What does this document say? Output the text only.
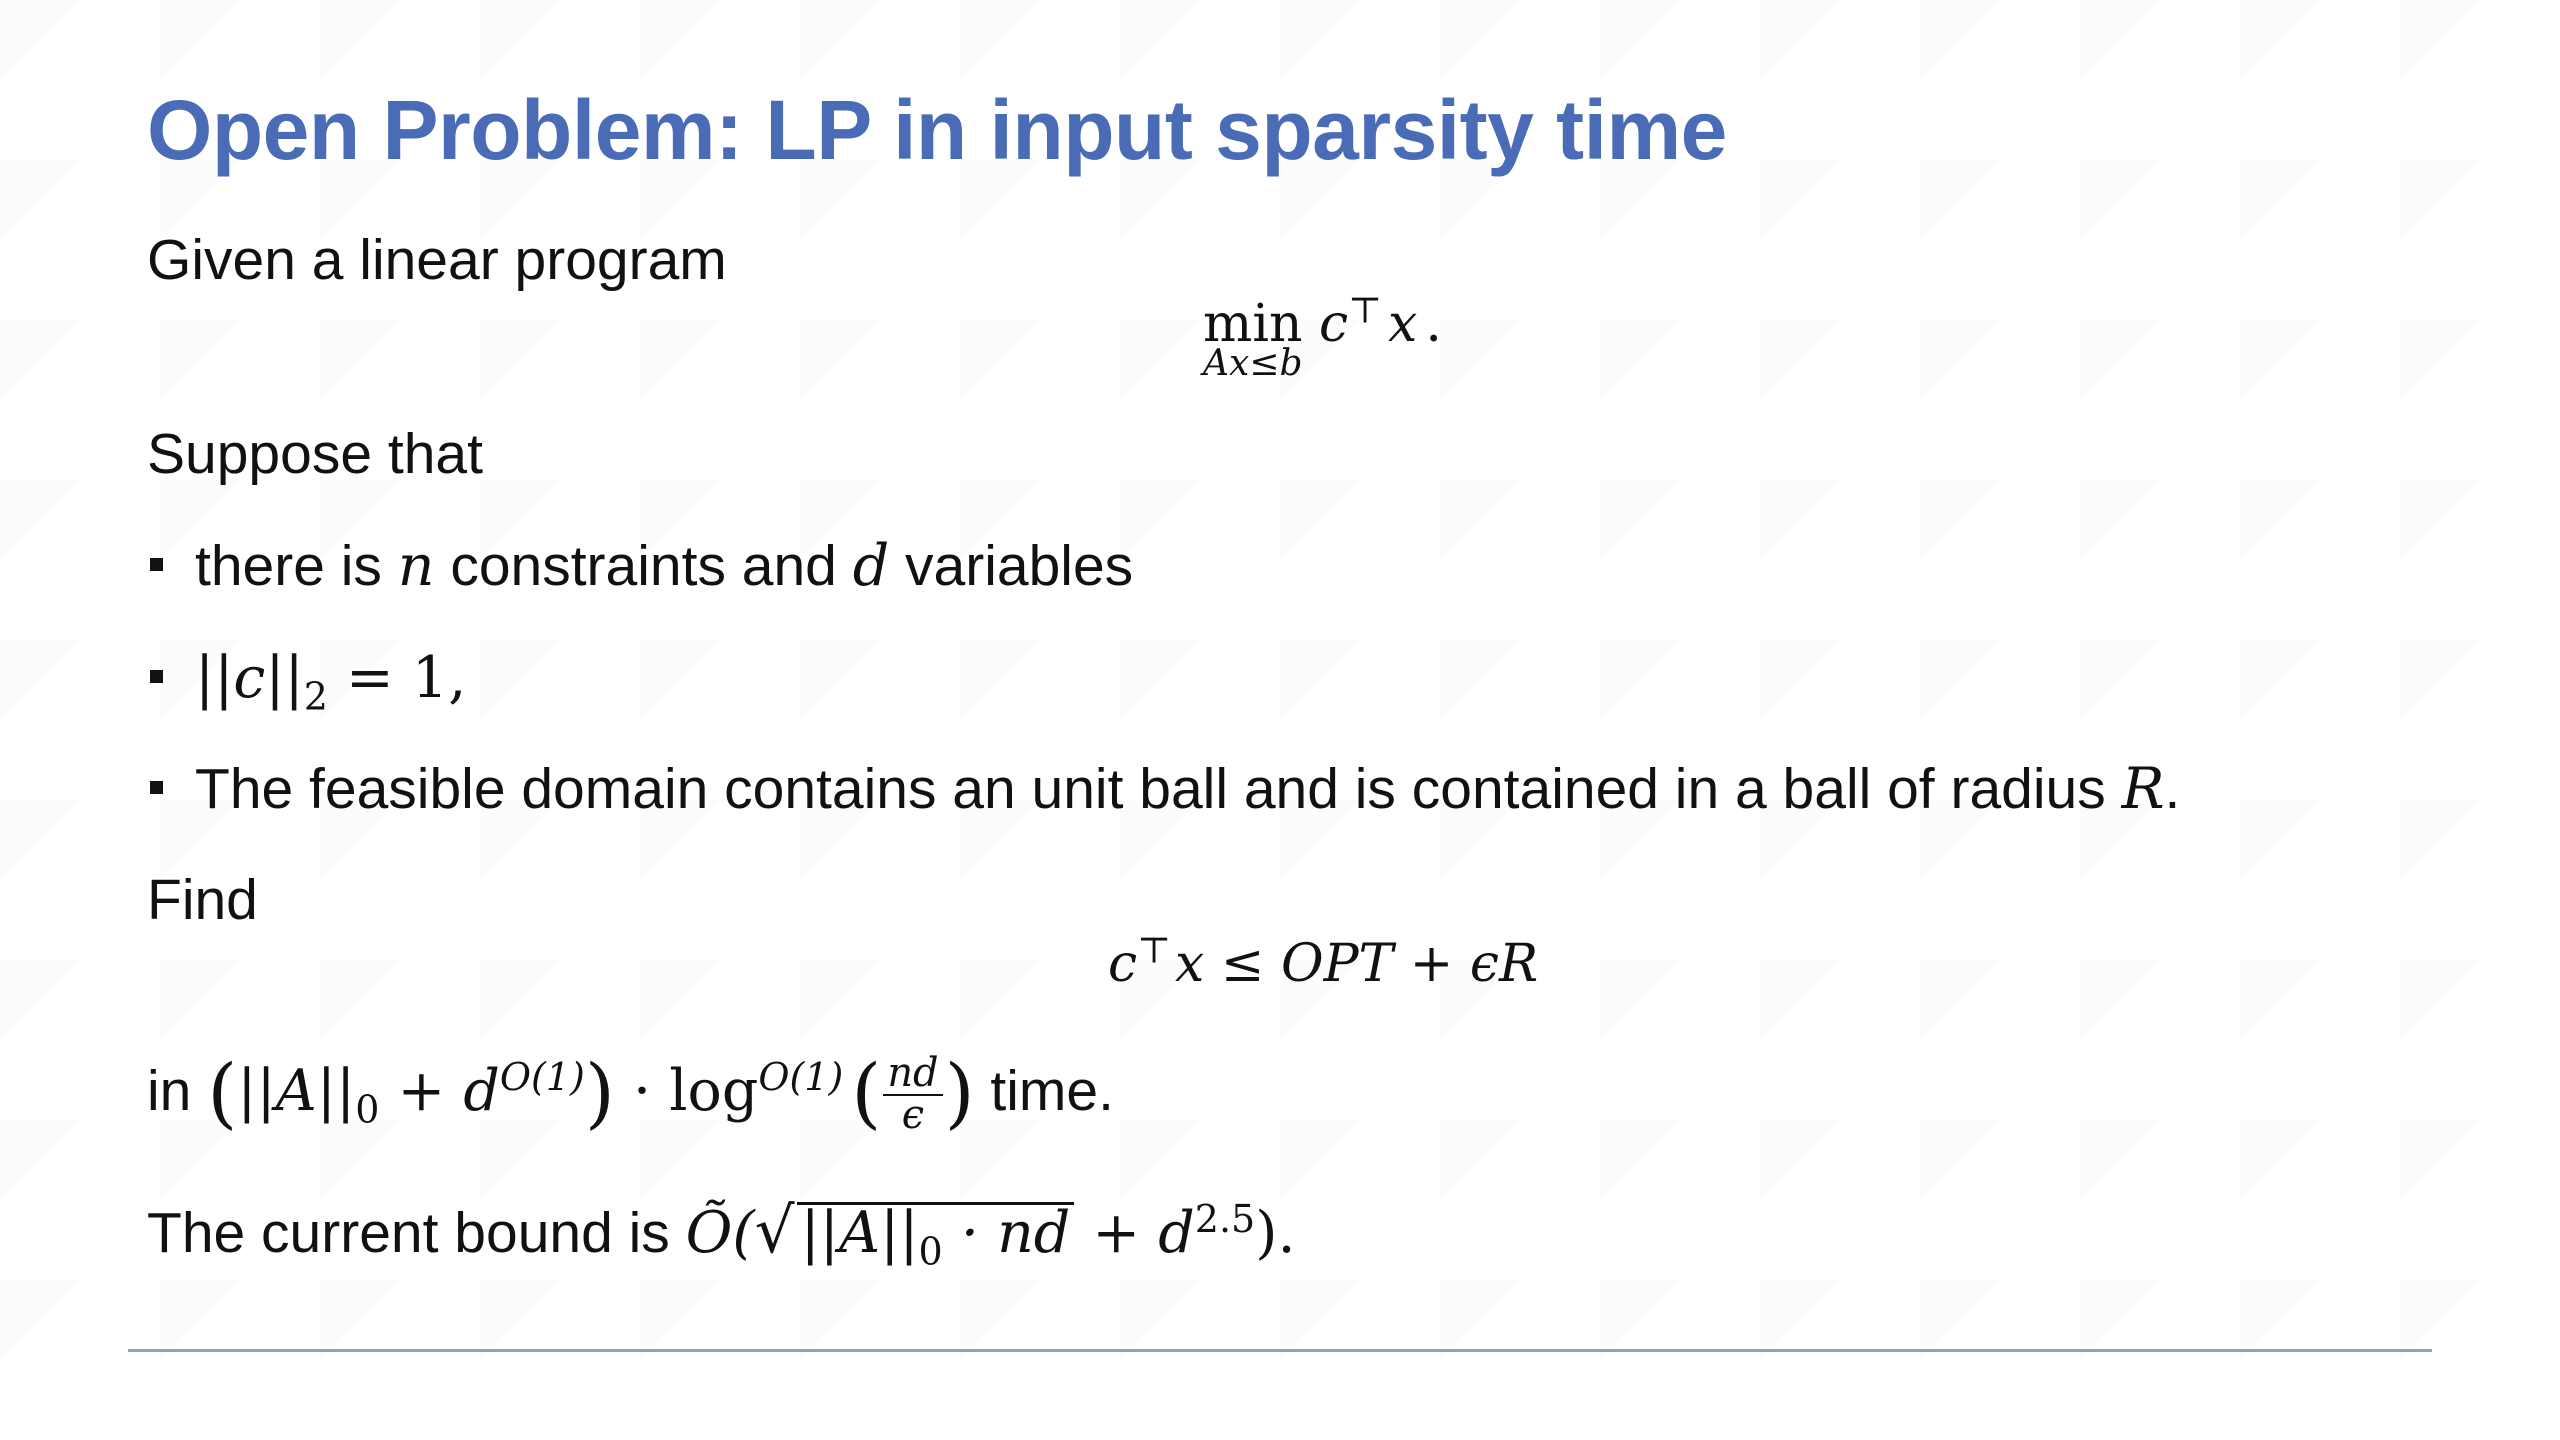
Open Problem: LP in input sparsity time
Given a linear program
min
Ax≤b
c⊤ x .
Suppose that
there is n constraints and d variables
$||c||_2 = 1$,
The feasible domain contains an unit ball and is contained in a ball of radius R.
Find
c⊤x ≤ OPT + ϵR
in $(||A||_0 + d^{O(1)}) \cdot \log^{O(1)}$ ( $\frac{nd}{\epsilon}$ ) time.
The current bound is Õ(√ $||A||_0$ · nd + $d^{2.5}$).
